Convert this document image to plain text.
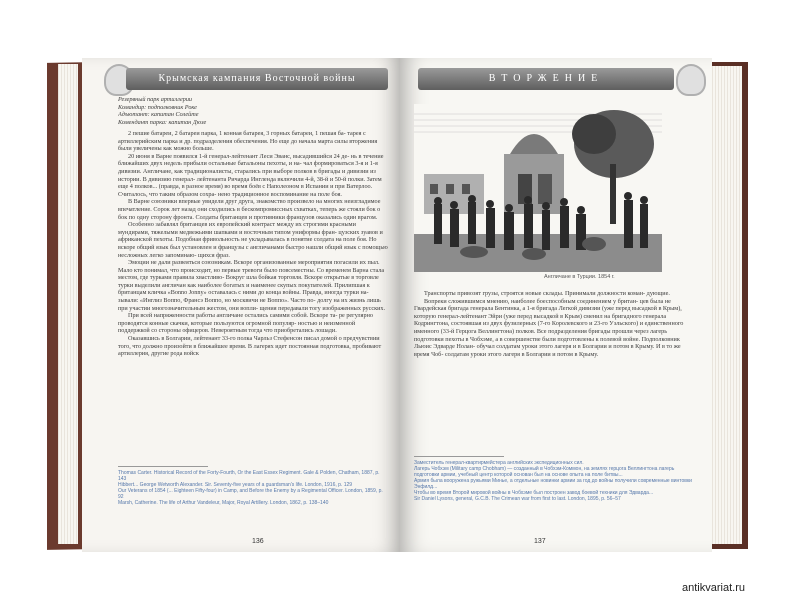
Крымская кампания Восточной войны
Резервный парк артиллерии
Командир: подполковник Роке
Адъютант: капитан Солейте
Комендант парка: капитан Дюзе

2 пешие батареи, 2 батареи парка, 1 конная батарея, 3 горных батареи, 1 пешая ба- тарея с артиллерийским парка и др. подразделения обеспечения. Но еще до начала марта силы вторжения были увеличены как можно больше.

20 июня в Варне появился 1-й генерал-лейтенант Леси Эванс, высадившийся 24 де- нь в течение ближайших двух недель прибыли остальные батальоны пехоты, и на- чал формироваться 3-я и 1-я дивизии. Англичане, как традиционалисты, старались при выборе полков в бригады и дивизии из истории. В дивизию генерал- лейтенанта Ричарда Ингленда включили 4-й, 38-й и 50-й полки. Затем еще 4 полков... (правда, в разное время) во время боёв с Наполеоном в Испании и при Ватерлоо. Считалось, что таким образом сохра- нено традиционное воспоминание на поле боя.

В Варне союзники впервые увидели друг друга, знакомство произвело на многих неизгладимое впечатление. Сорок лет назад они сходились в бескомпромиссных схватках, теперь же стояли бок о бок по одну сторону фронта. Солдаты британцев и противники французов оказались один врагом.

Особенно забавлял британцев их европейский контраст между их строгими красными мундирами, тяжелыми медвежьими шапками и восточным типом униформы фран- цузских зуавов и африканской пехоты. Подобная фривольность не укладывалась в понятие солдата на поле боя. Но вскоре общий язык был установлен и французы с англичанами быстро нашли общий язык с помощью несложных легко запоминаю- щихся фраз.

Эмоции не дали развеяться союзникам. Вскоре организованные мероприятия погасили их пыл. Мало кто понимал, что происходит, но первые тревоги было повсеместны. Со временем Варна стала местом, где турками правила хвастливо- Вокруг шла бойкая торговля. Вскоре открытые в торговле турки выделили англичан как наиболее богатых и наименее скупых покупателей. Прилипшая к британцам кличка «Bonno Jonny» оставалась с ними до конца войны. Правда, иногда турки на- зывали: «Инглиз Воппо, Франсэ Воппо, но москвичи не Воппо». Часто по- долгу на их жизнь лишь при участии многозначительным жестом, они вопли- щения передавали тогу изображенных русских.

При всей напряженности работы англичане остались самими собой. Вскоре та- ре регулярно проводятся конные скачки, которые пользуются огромной популяр- ностью и неизменной поддержкой со стороны офицеров. Невероятным тогда что приобретались лошади.

Оказавшись в Болгарии, лейтенант 33-го полка Чарльз Стефенсон писал домой о предчувствии того, что должно произойти в ближайшее время. В лагерях идет постоянная подготовка, пробивают артиллерия, другие рода войск

Thomas Carter. Historical Record of the Forty-Fourth, Or the East Essex Regiment. Gale & Polden, Chatham, 1887, p. 143
Hibbert... George Wetworth Alexander. Sir. Seventy-five years of a guardsman's life. London, 1916, p. 129
Our Veterans of 1854 (... Eighteen Fifty-four) in Camp, and Before the Enemy by a Regimental Officer. London, 1859, p. 92
Marsh, Catherine. The life of Arthur Vandeleur, Major, Royal Artillery. London, 1862, p. 138–140
136
ВТОРЖЕНИЕ
Англичане в Турции. 1854 г.

Транспорты привозят грузы, строятся новые склады. Принимали должности коман- дующие.

Вопреки сложившимся мнению, наиболее боеспособным соединением у британ- цев была не Гвардейская бригада генерала Бентинка, а 1-я бригада Легкой дивизии (уже перед высадкой в Крым), которую генерал-лейтенант Эйри (уже перед высадкой в Крым) сменил на бригадного генерала Кодрингтона, состоявшая из двух фузилерных (7-го Королевского и 23-го Уэльского) и единственного именного (33-й Герцога Веллингтона) полков. Все подразделения бригады прошли через лагерь подготовки пехоты в Чобхэме, а в совершенстве были подготовлены к полевой войне. Подполковник Льюис Эдварде Нолан- обучал солдатам уроки этого лагеря и в Болгарии и потом в Крыму. И в то же время Чоб- солдатам уроки этого лагеря в Болгарии и потом в Крыму.

Заместитель генерал-квартирмейстера английских экспедиционных сил.
Лагерь Чобхэм (Military camp Chobham) — созданный в Чобхэм-Коммон, на землях герцога Веллингтона лагерь подготовки армии, учебный центр которой основан был на основе опыта на поле битвы...
Армия была вооружена ружьями Минье, а отдельные новинки армии за год до войны получили современные винтовки Энфилд...
Чтобы во время Второй мировой войны в Чобхэме был построен завод боевой техники для Эдварда...
Sir Daniel Lysons, general, G.C.B. The Crimean war from first to last. London, 1895, p. 56–57
137
antikvariat.ru
